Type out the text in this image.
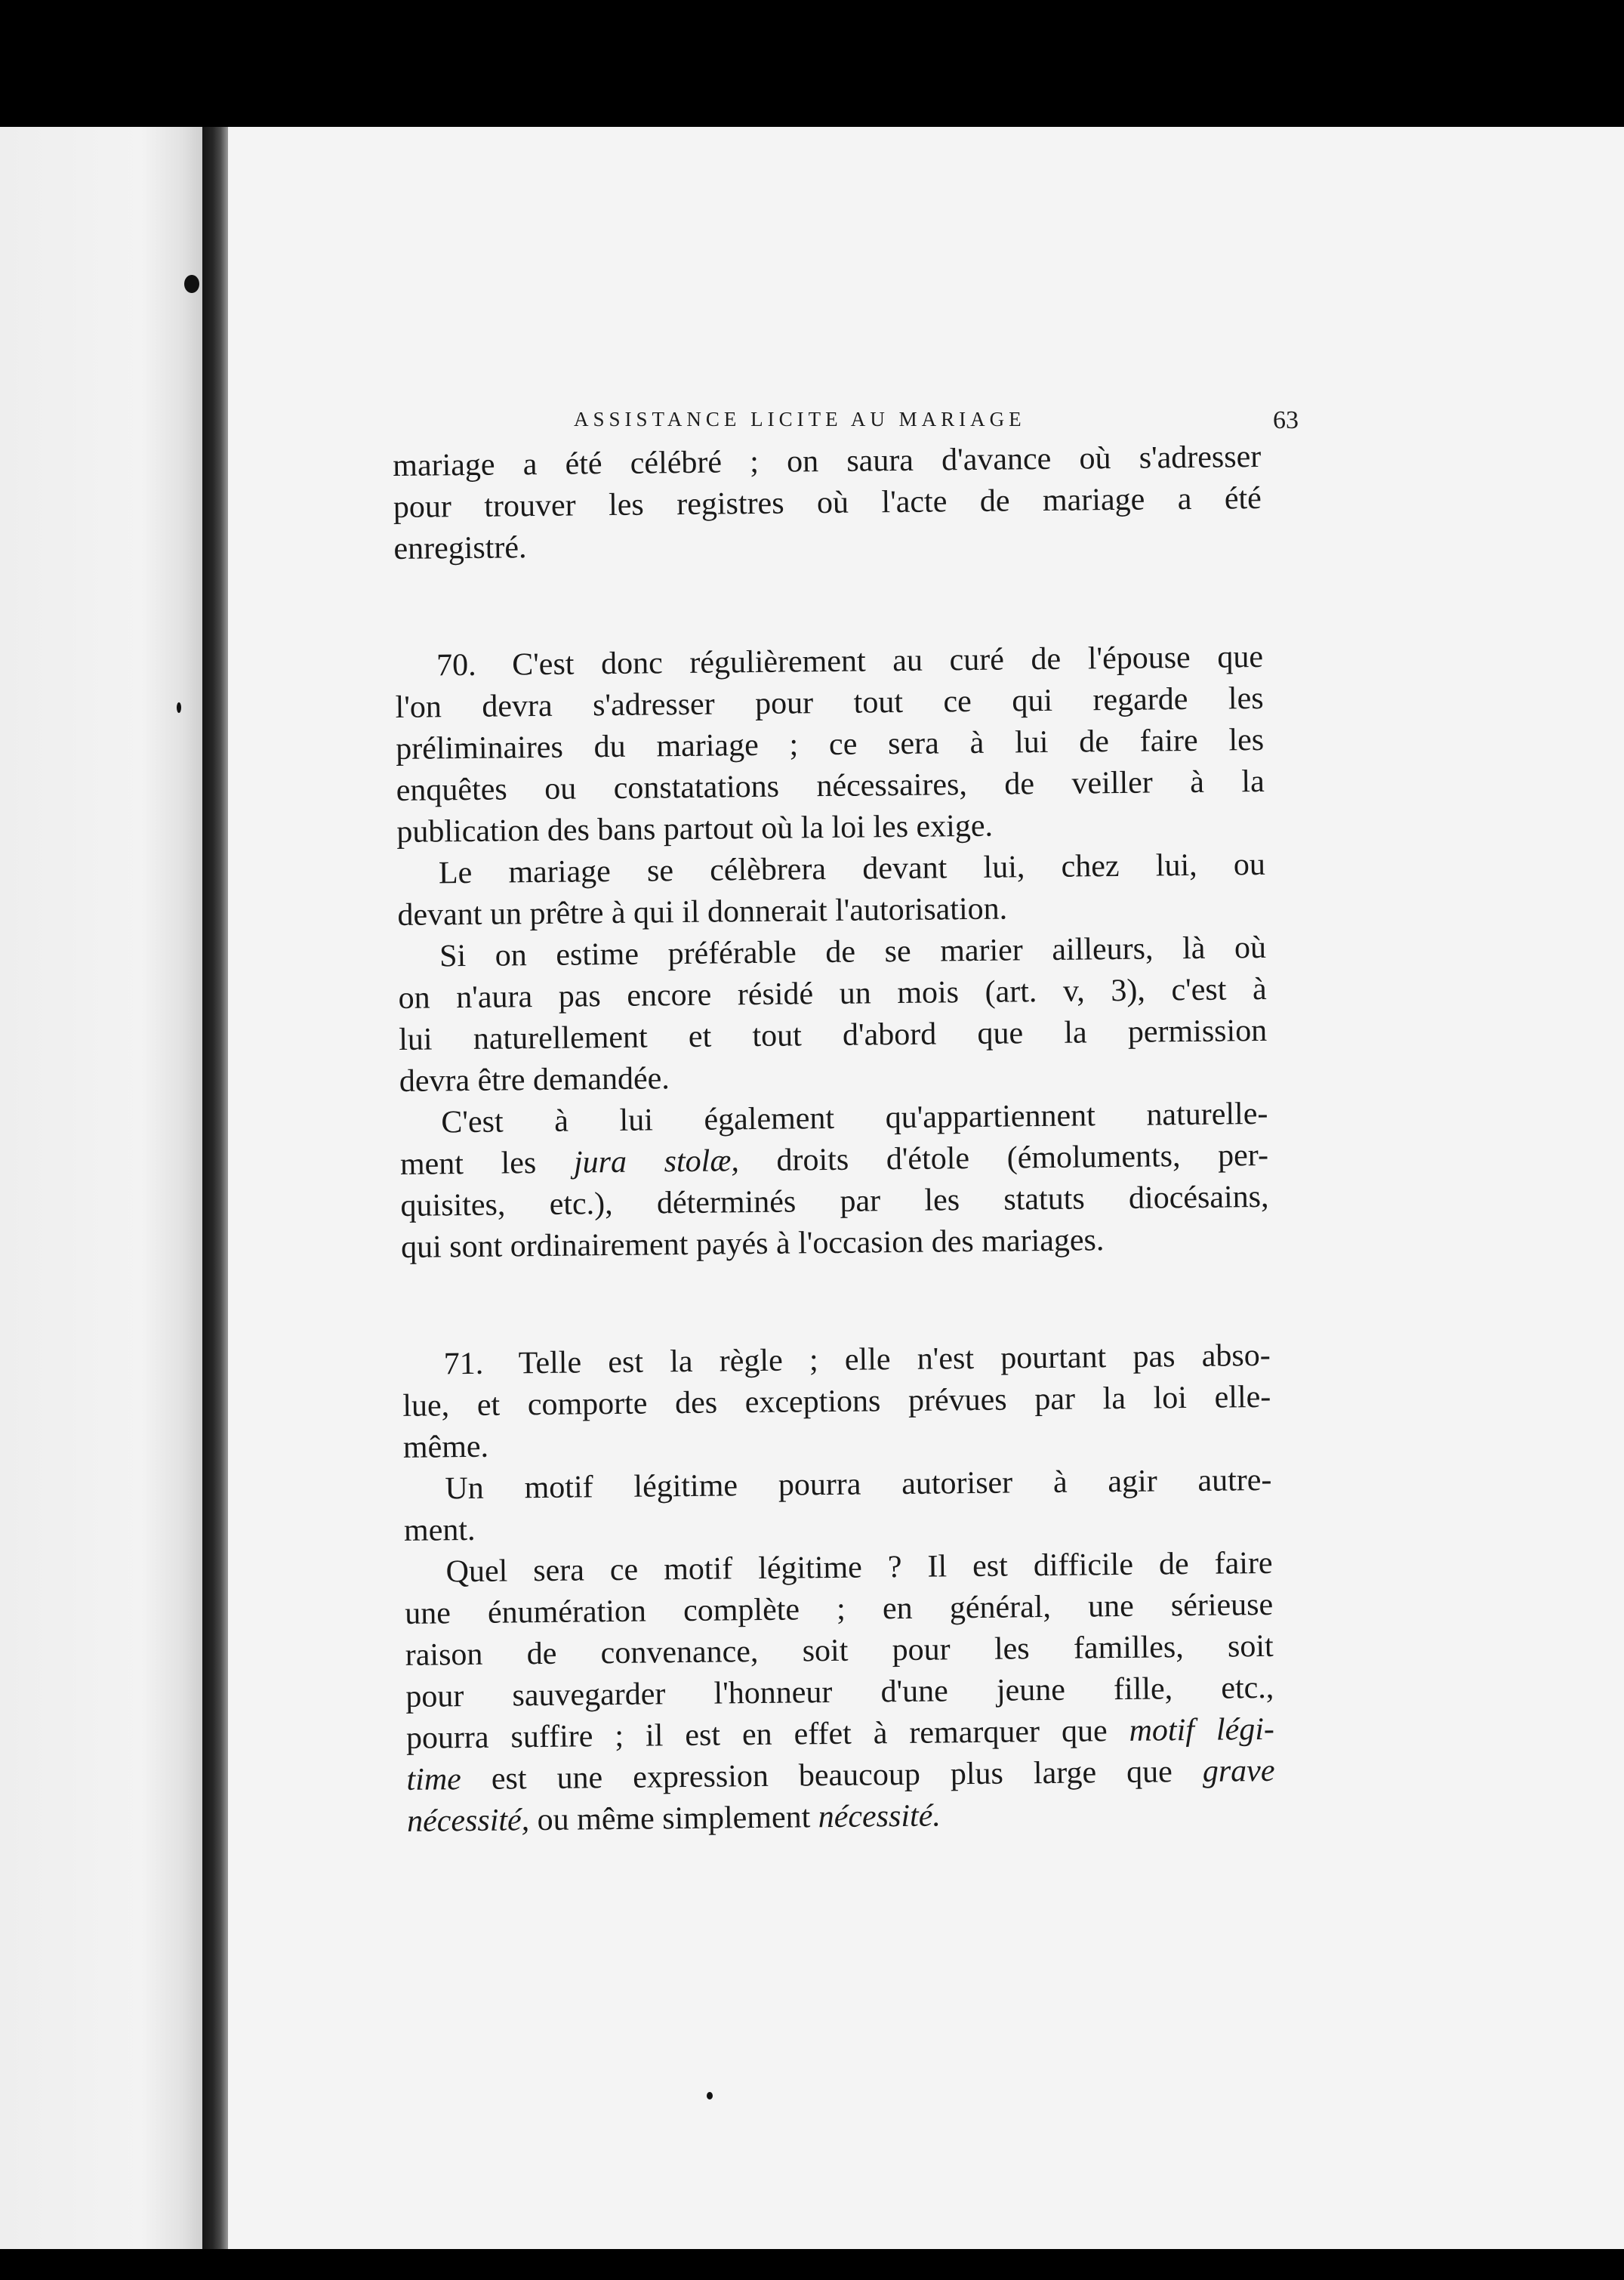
ASSISTANCE LICITE AU MARIAGE	63

mariage a été célébré ; on saura d'avance où s'adresser
pour trouver les registres où l'acte de mariage a été
enregistré.

70. C'est donc régulièrement au curé de l'épouse que
l'on devra s'adresser pour tout ce qui regarde les
préliminaires du mariage ; ce sera à lui de faire les
enquêtes ou constatations nécessaires, de veiller à la
publication des bans partout où la loi les exige.

Le mariage se célèbrera devant lui, chez lui, ou
devant un prêtre à qui il donnerait l'autorisation.

Si on estime préférable de se marier ailleurs, là où
on n'aura pas encore résidé un mois (art. v, 3), c'est à
lui naturellement et tout d'abord que la permission
devra être demandée.

C'est à lui également qu'appartiennent naturelle-
ment les jura stolæ, droits d'étole (émoluments, per-
quisites, etc.), déterminés par les statuts diocésains,
qui sont ordinairement payés à l'occasion des mariages.

71. Telle est la règle ; elle n'est pourtant pas abso-
lue, et comporte des exceptions prévues par la loi elle-
même.

Un motif légitime pourra autoriser à agir autre-
ment.

Quel sera ce motif légitime ? Il est difficile de faire
une énumération complète ; en général, une sérieuse
raison de convenance, soit pour les familles, soit
pour sauvegarder l'honneur d'une jeune fille, etc.,
pourra suffire ; il est en effet à remarquer que motif légi-
time est une expression beaucoup plus large que grave
nécessité, ou même simplement nécessité.
